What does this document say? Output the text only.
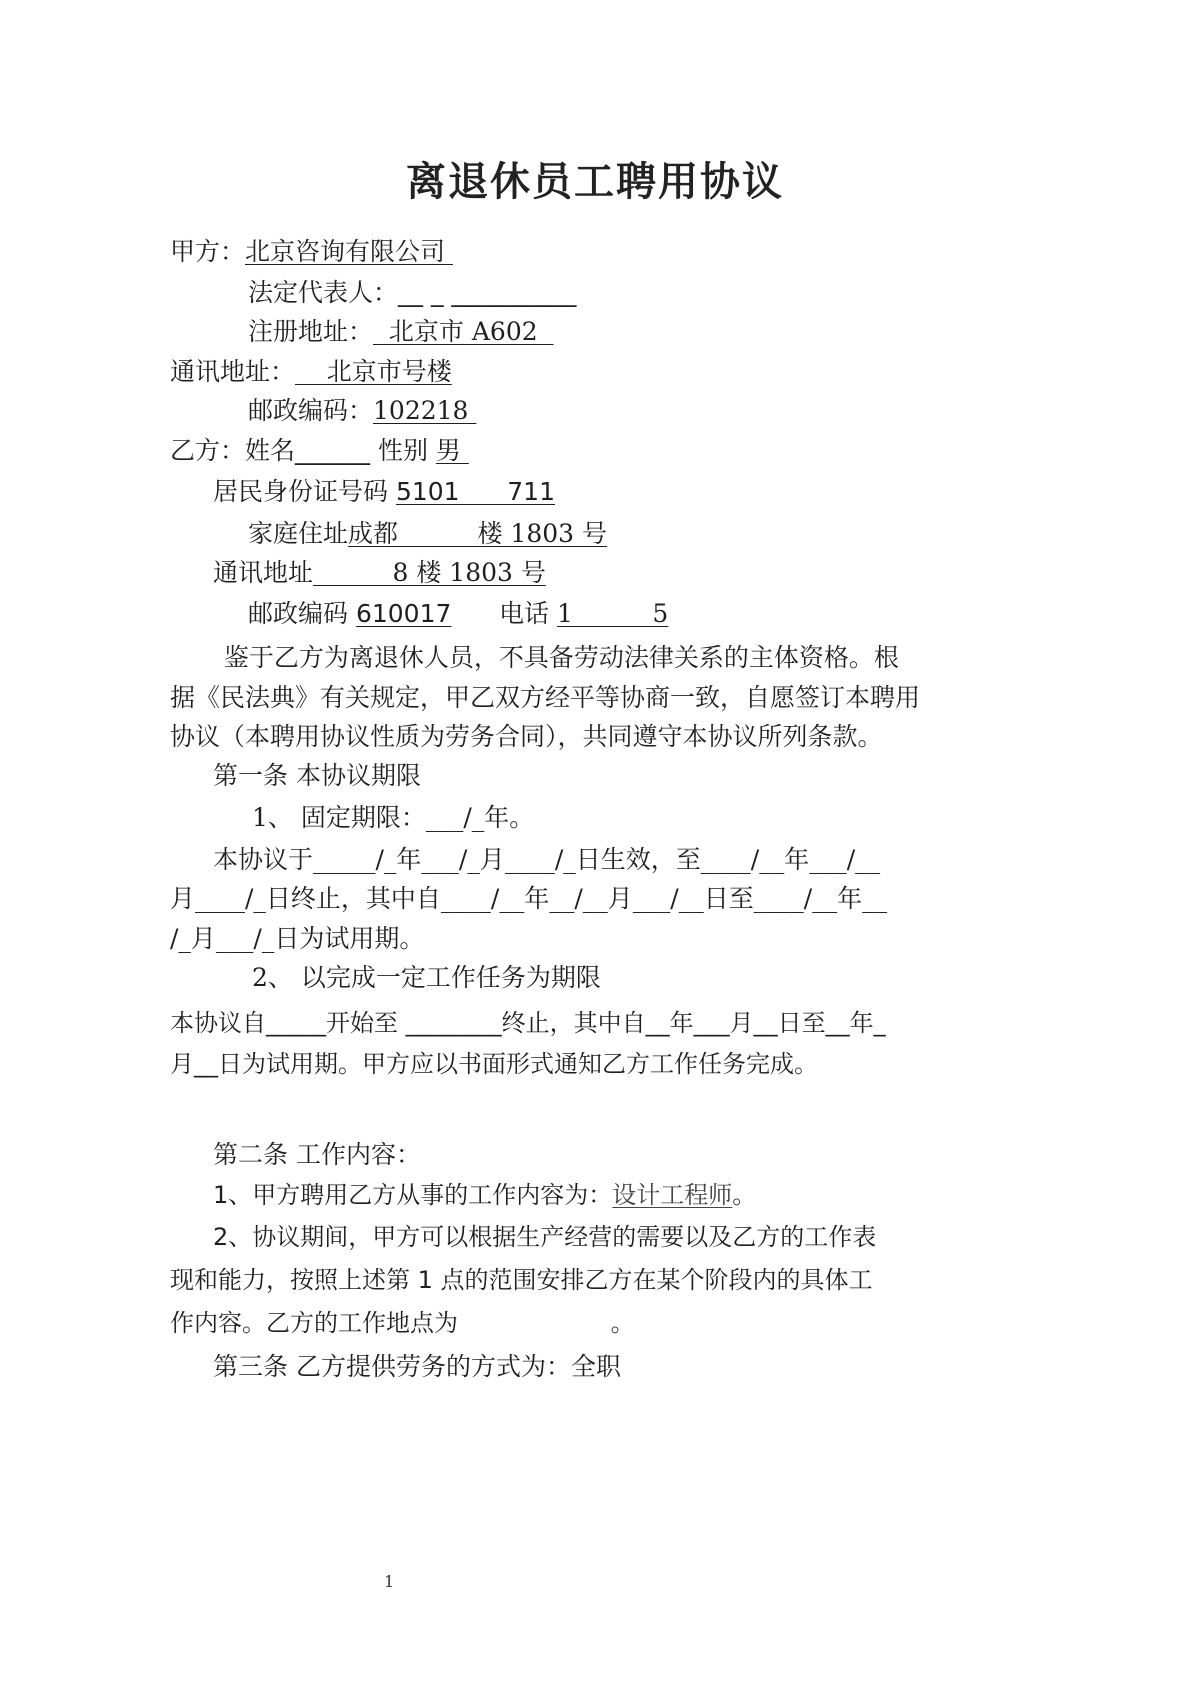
离退休员工聘用协议
甲方：北京咨询有限公司
法定代表人：__ _ __________
注册地址：  北京市 A602
通讯地址：    北京市号楼
邮政编码：102218
乙方：姓名______ 性别 男
居民身份证号码 5101      711
家庭住址成都          楼 1803 号
通讯地址          8 楼 1803 号
邮政编码 610017      电话 1          5
鉴于乙方为离退休人员，不具备劳动法律关系的主体资格。根
据《民法典》有关规定，甲乙双方经平等协商一致，自愿签订本聘用
协议（本聘用协议性质为劳务合同），共同遵守本协议所列条款。
第一条 本协议期限
1、 固定期限：___/_年。
本协议于_____/_年___/_月____/_日生效，至____/__年___/__
月____/_日终止，其中自____/__年__/__月___/__日至____/__年__
/_月___/_日为试用期。
2、 以完成一定工作任务为期限
本协议自_____开始至 ________终止，其中自__年___月__日至__年_
月__日为试用期。甲方应以书面形式通知乙方工作任务完成。
第二条 工作内容：
1、甲方聘用乙方从事的工作内容为：设计工程师。
2、协议期间，甲方可以根据生产经营的需要以及乙方的工作表
现和能力，按照上述第 1 点的范围安排乙方在某个阶段内的具体工
作内容。乙方的工作地点为                    。
第三条 乙方提供劳务的方式为：全职
1
